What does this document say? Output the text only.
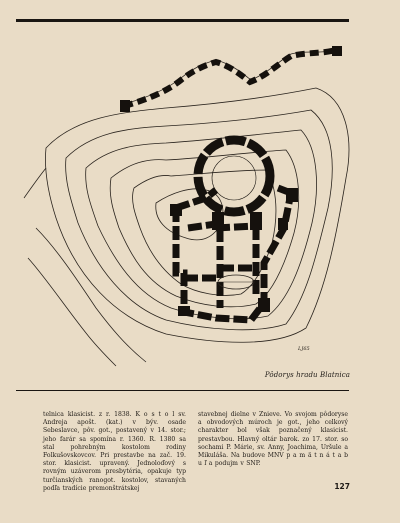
LJ65
Pôdorys hradu Blatnica

telnica klasicist. z r. 1838. K o s t o l sv. Andreja apošt. (kat.) v býv. osade Sebeslavce, pôv. got., postavený v 14. stor.; jeho farár sa spomína r. 1360. R. 1380 sa stal pohrebným kostolom rodiny Folkušovskovcov. Pri prestavbe na zač. 19. stor. klasicist. upravený. Jednoloďový s rovným uzáverom presbytéria, opakuje typ turčianských ranogot. kostolov, stavaných podľa tradície premonštrátskej

stavebnej dielne v Znieve. Vo svojom pôdoryse a obvodových múroch je got., jeho celkový charakter bol však poznačený klasicist. prestavbou. Hlavný oltár barok. zo 17. stor. so sochami P. Márie, sv. Anny, Joachima, Uršule a Mikuláša. Na budove MNV p a m ä t n á t a b u ľ a podujm v SNP.

127
